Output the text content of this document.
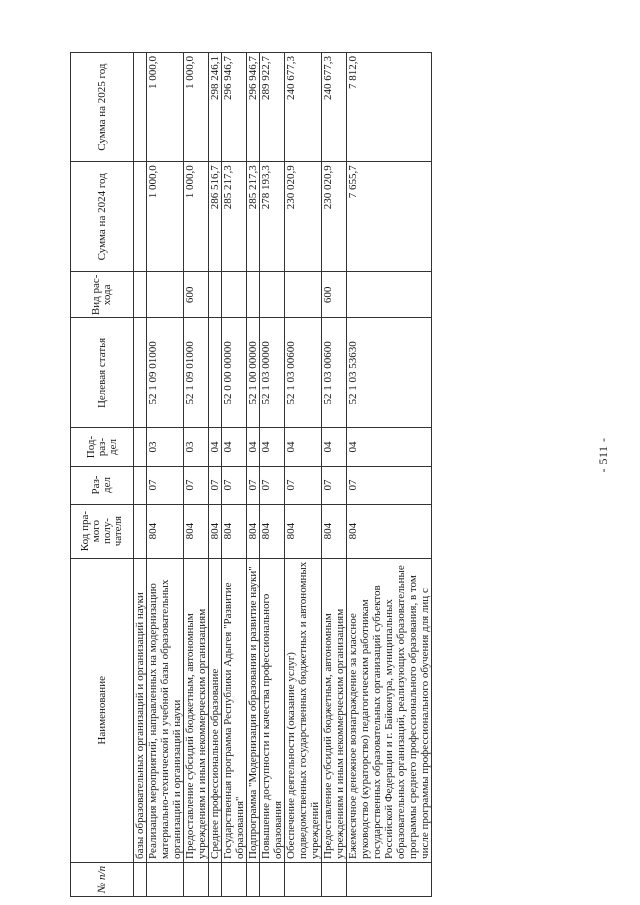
- 511 -
№ п/п	Наименование	Код пра- мого полу- чателя	Раз- дел	Под- раз- дел	Целевая статья	Вид рас- хода	Сумма на 2024 год	Сумма на 2025 год
	базы образовательных организаций и организаций науки							
	Реализация мероприятий, направленных на модернизацию материально-технической и учебной базы образовательных организаций и организаций науки	804	07	03	52 1 09 01000		1 000,0	1 000,0
	Предоставление субсидий бюджетным, автономным учреждениям и иным некоммерческим организациям	804	07	03	52 1 09 01000	600	1 000,0	1 000,0
	Среднее профессиональное образование	804	07	04			286 516,7	298 246,1
	Государственная программа Республики Адыгея "Развитие образования"	804	07	04	52 0 00 00000		285 217,3	296 946,7
	Подпрограмма "Модернизация образования и развитие науки"	804	07	04	52 1 00 00000		285 217,3	296 946,7
	Повышение доступности и качества профессионального образования	804	07	04	52 1 03 00000		278 193,3	289 922,7
	Обеспечение деятельности (оказание услуг) подведомственных государственных бюджетных и автономных учреждений	804	07	04	52 1 03 00600		230 020,9	240 677,3
	Предоставление субсидий бюджетным, автономным учреждениям и иным некоммерческим организациям	804	07	04	52 1 03 00600	600	230 020,9	240 677,3
	Ежемесячное денежное вознаграждение за классное руководство (кураторство) педагогическим работникам государственных образовательных организаций субъектов Российской Федерации и г. Байконура, муниципальных образовательных организаций, реализующих образовательные программы среднего профессионального образования, в том числе программы профессионального обучения для лиц с	804	07	04	52 1 03 53630		7 655,7	7 812,0
